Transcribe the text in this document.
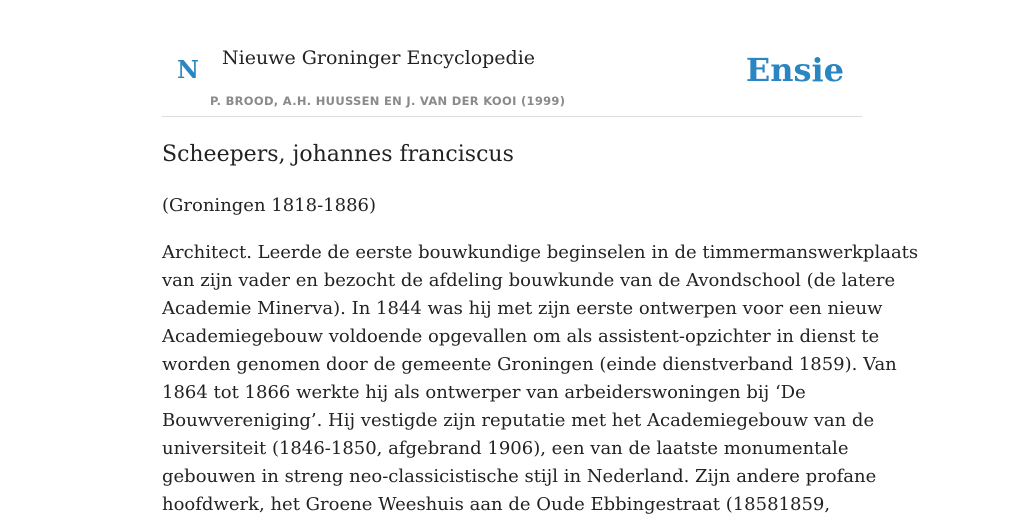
N Nieuwe Groninger Encyclopedie
P. BROOD, A.H. HUUSSEN EN J. VAN DER KOOI (1999)
Ensie
Scheepers, johannes franciscus

(Groningen 1818-1886)

Architect. Leerde de eerste bouwkundige beginselen in de timmermanswerkplaats
van zijn vader en bezocht de afdeling bouwkunde van de Avondschool (de latere
Academie Minerva). In 1844 was hij met zijn eerste ontwerpen voor een nieuw
Academiegebouw voldoende opgevallen om als assistent-opzichter in dienst te
worden genomen door de gemeente Groningen (einde dienstverband 1859). Van
1864 tot 1866 werkte hij als ontwerper van arbeiderswoningen bij ‘De
Bouwvereniging’. Hij vestigde zijn reputatie met het Academiegebouw van de
universiteit (1846-1850, afgebrand 1906), een van de laatste monumentale
gebouwen in streng neo-classicistische stijl in Nederland. Zijn andere profane
hoofdwerk, het Groene Weeshuis aan de Oude Ebbingestraat (18581859,
